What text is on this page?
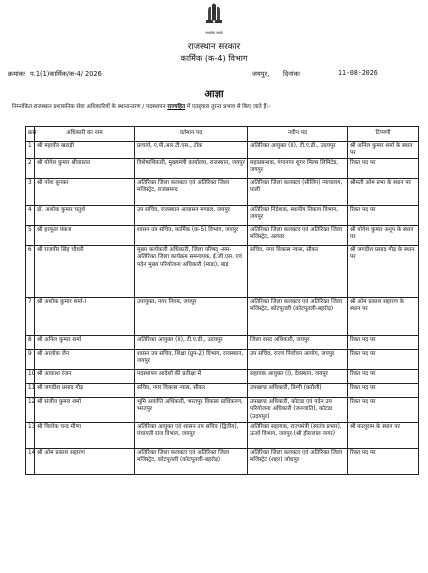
सत्यमेव जयते
राजस्थान सरकार
कार्मिक (क-4) विभाग
क्रमांकः प.1(1)कार्मिक/क-4/ 2026	जयपुर, दिनांकः	11-08-2026
आज्ञा
निम्नांकित राजस्थान प्रशासनिक सेवा अधिकारियों के स्थानान्तरण / पदस्थापन राज्यहित में एतद्द्वारा तुरन्त प्रभाव से किए जाते हैं:-
क्रसं	अधिकारी का नाम	वर्तमान पद	नवीन पद	टिप्पणी
1	श्री महावीर खराड़ी	प्राचार्य, ए.पी.आर.टी.एस., टोंक	अतिरिक्त आयुक्त (II), टी.ए.डी., उदयपुर	श्री अनिल कुमार शर्मा के स्थान पर
2	श्री योगेश कुमार श्रीवास्तव	विशेषाधिकारी, मुख्यमंत्री कार्यालय, राजस्थान, जयपुर	महाप्रबन्धक, गंगानगर शुगर मिल्स लिमिटेड, जयपुर	रिक्त पद पर
3	श्री नरेश बुनकर	अतिरिक्त जिला कलक्टर एवं अतिरिक्त जिला मजिस्ट्रेट, राजसमन्द	अतिरिक्त जिला कलक्टर (सीलिंग) न्यायालय, पाली	श्रीमती ओम प्रभा के स्थान पर
4	डॉ. अशोक कुमार चतुर्थ	उप सचिव, राजस्थान आवासन मण्डल, जयपुर	अतिरिक्त निदेशक, स्थानीय निकाय विभाग, जयपुर	रिक्त पद पर
5	श्री हरफूल पंकज	शासन उप सचिव, कार्मिक (क-5) विभाग, जयपुर	अतिरिक्त जिला कलक्टर एवं अतिरिक्त जिला मजिस्ट्रेट, अलवर	श्री योगेश कुमार अनूप के स्थान पर
6	श्री राजवीर सिंह चौधरी	मुख्य कार्यकारी अधिकारी, जिला परिषद् -सम- अतिरिक्त जिला कार्यक्रम समन्वयक, ई.जी.एस. एवं पदेन मुख्य परियोजना अधिकारी (माडा), बाड़ं	सचिव, नगर विकास न्यास, सीकर	श्री जगदीश प्रसाद गौड़ के स्थान पर
7	श्री अशोक कुमार शर्मा-I	उपायुक्त, नगर निगम, जयपुर	अतिरिक्त जिला कलक्टर एवं अतिरिक्त जिला मजिस्ट्रेट, कोटपूतली (कोटपूतली-बहरोड़)	श्री ओम प्रकाश सहारण के स्थान पर
8	श्री अनिल कुमार शर्मा	अतिरिक्त आयुक्त (II), टी.ए.डी., उदयपुर	जिला रसद अधिकारी, जयपुर	रिक्त पद पर
9	श्री आलोक जैन	शासन उप सचिव, शिक्षा (ग्रुप-2) विभाग, राजस्थान, जयपुर	उप सचिव, राज्य निर्वाचन आयोग, जयपुर	रिक्त पद पर
10	श्री आकाश रंजन	पदस्थापन आदेशों की प्रतीक्षा में	सहायक आयुक्त (I), देवस्थान, जयपुर	रिक्त पद पर
11	श्री जगदीश प्रसाद गौड़	सचिव, नगर विकास न्यास, सीकर	उपखण्ड अधिकारी, डिग्गी (करौली)	रिक्त पद पर
12	श्री संजीव कुमार शर्मा	भूमि अवाप्ति अधिकारी, भरतपुर विकास प्राधिकरण, भरतपुर	उपखण्ड अधिकारी, कोटडा एवं पदेन उप परियोजना अधिकारी (जनजाति), कोटडा (उदयपुर)	रिक्त पद पर
13	श्री त्रिलोक चन्द मीणा	अतिरिक्त आयुक्त एवं शासन उप सचिव (द्वितीय), पंचायती राज विभाग, जयपुर	अतिरिक्त सहायक, राज्यमंत्री (स्वतंत्र प्रभार), ऊर्जा विभाग, जयपुर (श्री हीरालाल नागर)	श्री कालूराम के स्थान पर
14	श्री ओम प्रकाश सहारण	अतिरिक्त जिला कलक्टर एवं अतिरिक्त जिला मजिस्ट्रेट, कोटपूतली (कोटपूतली-बहरोड़)	अतिरिक्त जिला कलक्टर एवं अतिरिक्त जिला मजिस्ट्रेट (शहर) जोधपुर	रिक्त पद पर
